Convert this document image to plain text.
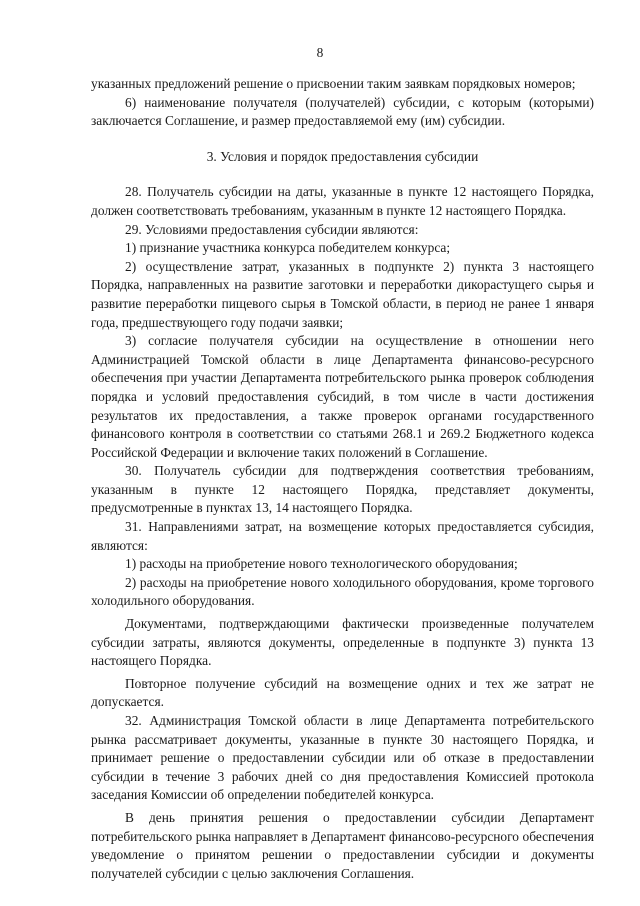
8

указанных предложений решение о присвоении таким заявкам порядковых номеров;

6) наименование получателя (получателей) субсидии, с которым (которыми) заключается Соглашение, и размер предоставляемой ему (им) субсидии.

3. Условия и порядок предоставления субсидии

28. Получатель субсидии на даты, указанные в пункте 12 настоящего Порядка, должен соответствовать требованиям, указанным в пункте 12 настоящего Порядка.

29. Условиями предоставления субсидии являются:

1) признание участника конкурса победителем конкурса;

2) осуществление затрат, указанных в подпункте 2) пункта 3 настоящего Порядка, направленных на развитие заготовки и переработки дикорастущего сырья и развитие переработки пищевого сырья в Томской области, в период не ранее 1 января года, предшествующего году подачи заявки;

3) согласие получателя субсидии на осуществление в отношении него Администрацией Томской области в лице Департамента финансово-ресурсного обеспечения при участии Департамента потребительского рынка проверок соблюдения порядка и условий предоставления субсидий, в том числе в части достижения результатов их предоставления, а также проверок органами государственного финансового контроля в соответствии со статьями 268.1 и 269.2 Бюджетного кодекса Российской Федерации и включение таких положений в Соглашение.

30. Получатель субсидии для подтверждения соответствия требованиям, указанным в пункте 12 настоящего Порядка, представляет документы, предусмотренные в пунктах 13, 14 настоящего Порядка.

31. Направлениями затрат, на возмещение которых предоставляется субсидия, являются:

1) расходы на приобретение нового технологического оборудования;

2) расходы на приобретение нового холодильного оборудования, кроме торгового холодильного оборудования.

Документами, подтверждающими фактически произведенные получателем субсидии затраты, являются документы, определенные в подпункте 3) пункта 13 настоящего Порядка.

Повторное получение субсидий на возмещение одних и тех же затрат не допускается.

32. Администрация Томской области в лице Департамента потребительского рынка рассматривает документы, указанные в пункте 30 настоящего Порядка, и принимает решение о предоставлении субсидии или об отказе в предоставлении субсидии в течение 3 рабочих дней со дня предоставления Комиссией протокола заседания Комиссии об определении победителей конкурса.

В день принятия решения о предоставлении субсидии Департамент потребительского рынка направляет в Департамент финансово-ресурсного обеспечения уведомление о принятом решении о предоставлении субсидии и документы получателей субсидии с целью заключения Соглашения.
